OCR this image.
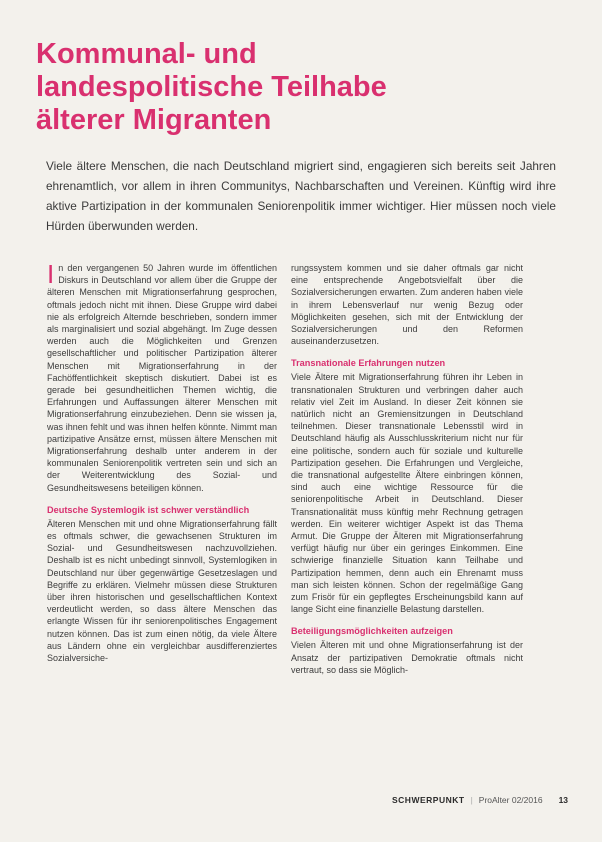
Kommunal- und
landespolitische Teilhabe
älterer Migranten

Viele ältere Menschen, die nach Deutschland migriert sind, engagieren sich bereits seit Jahren ehrenamtlich, vor allem in ihren Communitys, Nachbarschaften und Vereinen. Künftig wird ihre aktive Partizipation in der kommunalen Seniorenpolitik immer wichtiger. Hier müssen noch viele Hürden überwunden werden.

In den vergangenen 50 Jahren wurde im öffentlichen Diskurs in Deutschland vor allem über die Gruppe der älteren Menschen mit Migrationserfahrung gesprochen, oftmals jedoch nicht mit ihnen. Diese Gruppe wird dabei nie als erfolgreich Alternde beschrieben, sondern immer als marginalisiert und sozial abgehängt. Im Zuge dessen werden auch die Möglichkeiten und Grenzen gesellschaftlicher und politischer Partizipation älterer Menschen mit Migrationserfahrung in der Fachöffentlichkeit skeptisch diskutiert. Dabei ist es gerade bei gesundheitlichen Themen wichtig, die Erfahrungen und Auffassungen älterer Menschen mit Migrationserfahrung einzubeziehen. Denn sie wissen ja, was ihnen fehlt und was ihnen helfen könnte. Nimmt man partizipative Ansätze ernst, müssen ältere Menschen mit Migrationserfahrung deshalb unter anderem in der kommunalen Seniorenpolitik vertreten sein und sich an der Weiterentwicklung des Sozial- und Gesundheitswesens beteiligen können.

Deutsche Systemlogik ist schwer verständlich

Älteren Menschen mit und ohne Migrationserfahrung fällt es oftmals schwer, die gewachsenen Strukturen im Sozial- und Gesundheitswesen nachzuvollziehen. Deshalb ist es nicht unbedingt sinnvoll, Systemlogiken in Deutschland nur über gegenwärtige Gesetzeslagen und Begriffe zu erklären. Vielmehr müssen diese Strukturen über ihren historischen und gesellschaftlichen Kontext verdeutlicht werden, so dass ältere Menschen das erlangte Wissen für ihr seniorenpolitisches Engagement nutzen können. Das ist zum einen nötig, da viele Ältere aus Ländern ohne ein vergleichbar ausdifferenziertes Sozialversiche-

rungssystem kommen und sie daher oftmals gar nicht eine entsprechende Angebotsvielfalt über die Sozialversicherungen erwarten. Zum anderen haben viele in ihrem Lebensverlauf nur wenig Bezug oder Möglichkeiten gesehen, sich mit der Entwicklung der Sozialversicherungen und den Reformen auseinanderzusetzen.

Transnationale Erfahrungen nutzen

Viele Ältere mit Migrationserfahrung führen ihr Leben in transnationalen Strukturen und verbringen daher auch relativ viel Zeit im Ausland. In dieser Zeit können sie natürlich nicht an Gremiensitzungen in Deutschland teilnehmen. Dieser transnationale Lebensstil wird in Deutschland häufig als Ausschlusskriterium nicht nur für eine politische, sondern auch für soziale und kulturelle Partizipation gesehen. Die Erfahrungen und Vergleiche, die transnational aufgestellte Ältere einbringen können, sind auch eine wichtige Ressource für die seniorenpolitische Arbeit in Deutschland. Dieser Transnationalität muss künftig mehr Rechnung getragen werden. Ein weiterer wichtiger Aspekt ist das Thema Armut. Die Gruppe der Älteren mit Migrationserfahrung verfügt häufig nur über ein geringes Einkommen. Eine schwierige finanzielle Situation kann Teilhabe und Partizipation hemmen, denn auch ein Ehrenamt muss man sich leisten können. Schon der regelmäßige Gang zum Frisör für ein gepflegtes Erscheinungsbild kann auf lange Sicht eine finanzielle Belastung darstellen.

Beteiligungsmöglichkeiten aufzeigen

Vielen Älteren mit und ohne Migrationserfahrung ist der Ansatz der partizipativen Demokratie oftmals nicht vertraut, so dass sie Möglich-

SCHWERPUNKT | ProAlter 02/2016 13
